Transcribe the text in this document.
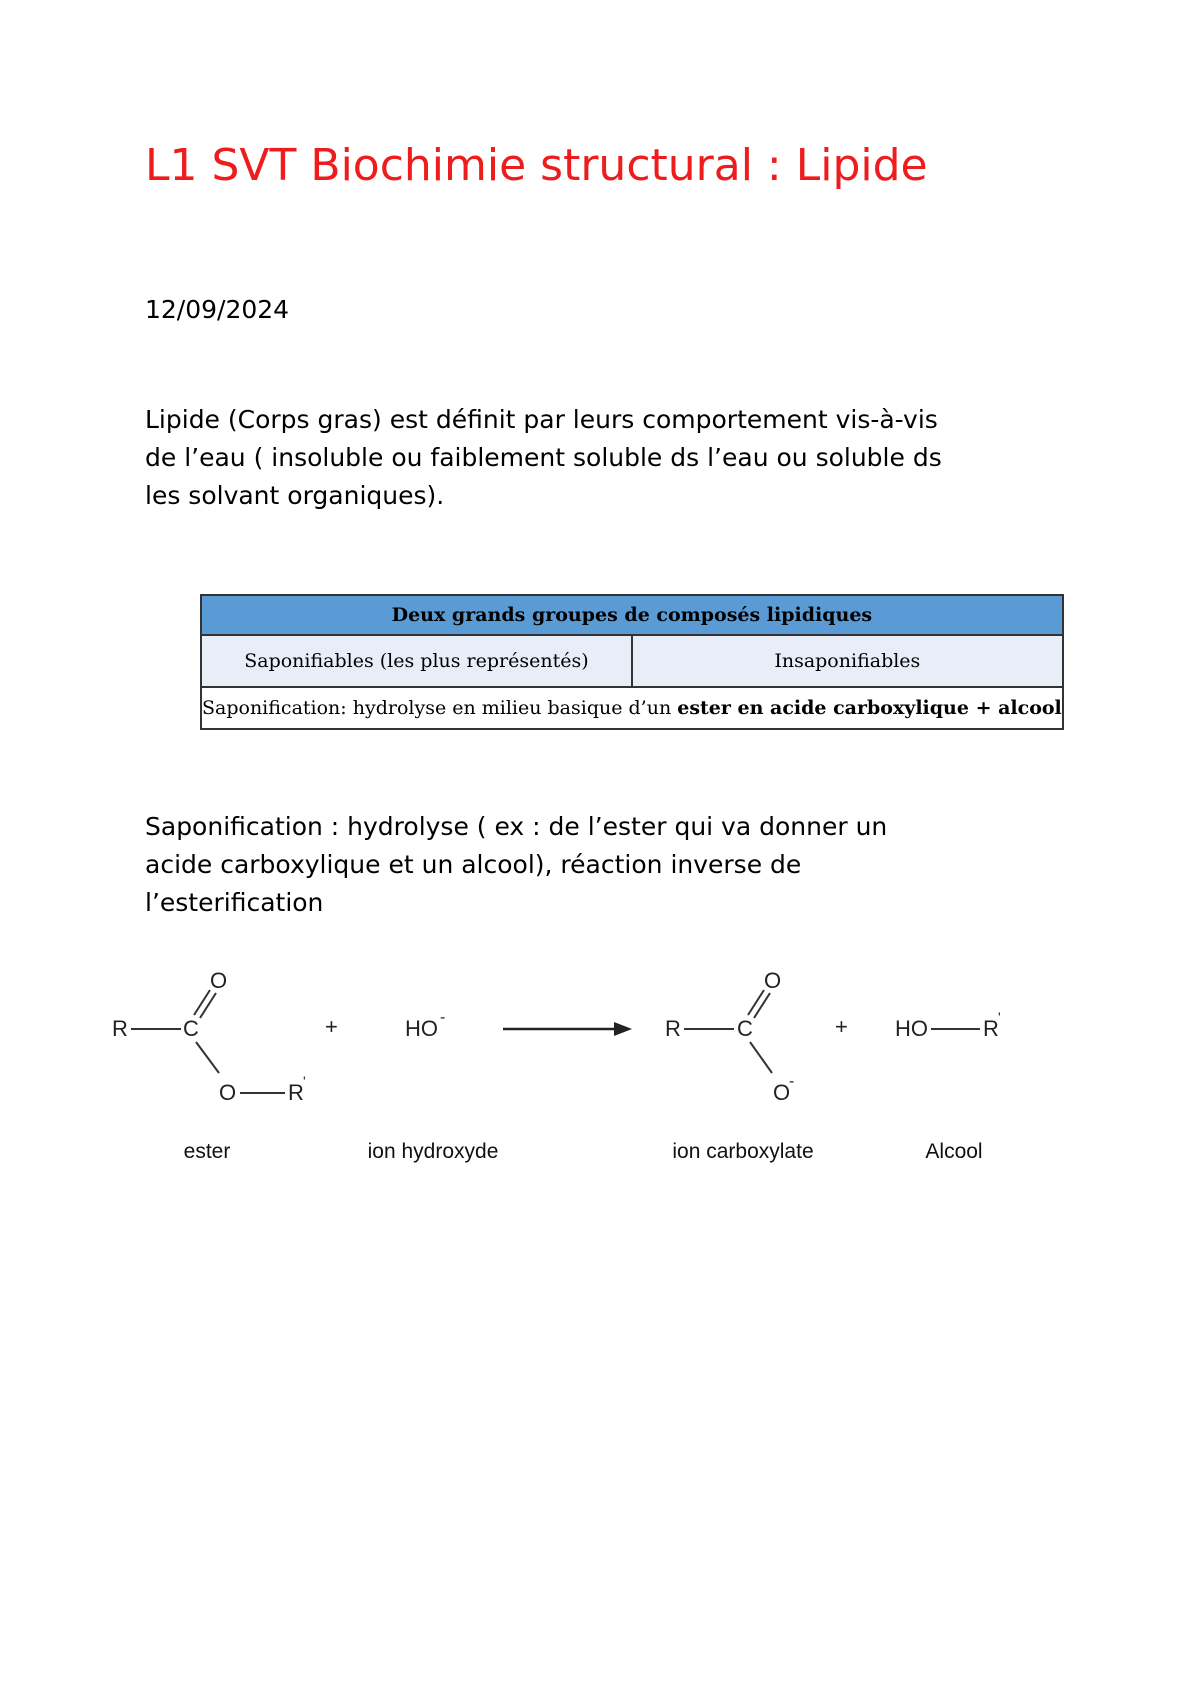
L1 SVT Biochimie structural : Lipide
12/09/2024

Lipide (Corps gras) est définit par leurs comportement vis-à-vis

de l’eau ( insoluble ou faiblement soluble ds l’eau ou soluble ds

les solvant organiques).

Deux grands groupes de composés lipidiques
Saponifiables (les plus représentés)	Insaponifiables
Saponification: hydrolyse en milieu basique d’un ester en acide carboxylique + alcool

Saponification : hydrolyse ( ex : de l’ester qui va donner un

acide carboxylique et un alcool), réaction inverse de

l’esterification

R	C
O
O R '
+	HO -	R	C
O
O
-
+ HO	R '
ester	ion hydroxyde	ion carboxylate	Alcool
